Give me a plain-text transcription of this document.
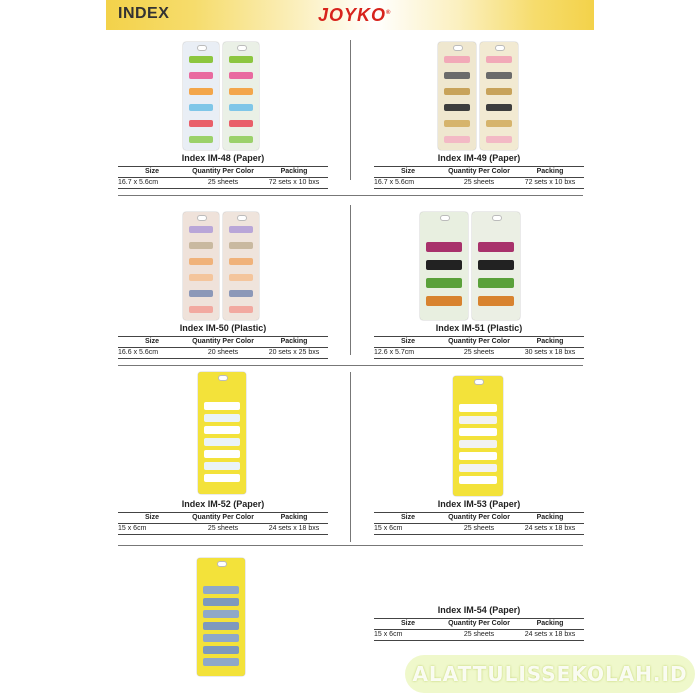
INDEX	JOYKO®
Index IM-48 (Paper)
Size	Quantity Per Color	Packing
16.7 x 5.6cm	25 sheets	72 sets x 10 bxs
Index IM-49 (Paper)
Size	Quantity Per Color	Packing
16.7 x 5.6cm	25 sheets	72 sets x 10 bxs
Index IM-50 (Plastic)
Size	Quantity Per Color	Packing
16.6 x 5.6cm	20 sheets	20 sets x 25 bxs
Index IM-51 (Plastic)
Size	Quantity Per Color	Packing
12.6 x 5.7cm	25 sheets	30 sets x 18 bxs
Index IM-52 (Paper)
Size	Quantity Per Color	Packing
15 x 6cm	25 sheets	24 sets x 18 bxs
Index IM-53 (Paper)
Size	Quantity Per Color	Packing
15 x 6cm	25 sheets	24 sets x 18 bxs
Index IM-54 (Paper)
Size	Quantity Per Color	Packing
15 x 6cm	25 sheets	24 sets x 18 bxs
ALATTULISSEKOLAH.ID
